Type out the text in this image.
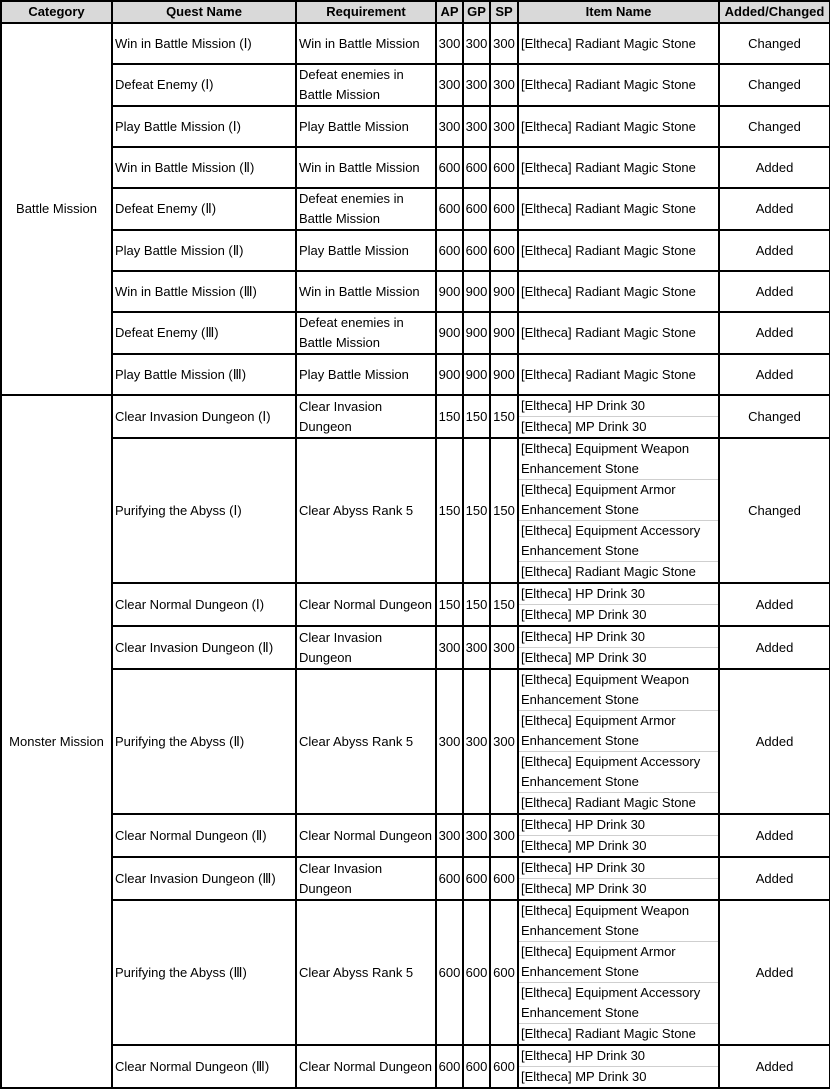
Category	Quest Name	Requirement	AP	GP	SP	Item Name	Added/Changed
Battle Mission	Win in Battle Mission (Ⅰ)	Win in Battle Mission	300	300	300	[Eltheca] Radiant Magic Stone	Changed
	Defeat Enemy (Ⅰ)	Defeat enemies in Battle Mission	300	300	300	[Eltheca] Radiant Magic Stone	Changed
	Play Battle Mission (Ⅰ)	Play Battle Mission	300	300	300	[Eltheca] Radiant Magic Stone	Changed
	Win in Battle Mission (Ⅱ)	Win in Battle Mission	600	600	600	[Eltheca] Radiant Magic Stone	Added
	Defeat Enemy (Ⅱ)	Defeat enemies in Battle Mission	600	600	600	[Eltheca] Radiant Magic Stone	Added
	Play Battle Mission (Ⅱ)	Play Battle Mission	600	600	600	[Eltheca] Radiant Magic Stone	Added
	Win in Battle Mission (Ⅲ)	Win in Battle Mission	900	900	900	[Eltheca] Radiant Magic Stone	Added
	Defeat Enemy (Ⅲ)	Defeat enemies in Battle Mission	900	900	900	[Eltheca] Radiant Magic Stone	Added
	Play Battle Mission (Ⅲ)	Play Battle Mission	900	900	900	[Eltheca] Radiant Magic Stone	Added
Monster Mission	Clear Invasion Dungeon (Ⅰ)	Clear Invasion Dungeon	150	150	150	[Eltheca] HP Drink 30
[Eltheca] MP Drink 30	Changed
	Purifying the Abyss (Ⅰ)	Clear Abyss Rank 5	150	150	150	[Eltheca] Equipment Weapon Enhancement Stone
[Eltheca] Equipment Armor Enhancement Stone
[Eltheca] Equipment Accessory Enhancement Stone
[Eltheca] Radiant Magic Stone	Changed
	Clear Normal Dungeon (Ⅰ)	Clear Normal Dungeon	150	150	150	[Eltheca] HP Drink 30
[Eltheca] MP Drink 30	Added
	Clear Invasion Dungeon (Ⅱ)	Clear Invasion Dungeon	300	300	300	[Eltheca] HP Drink 30
[Eltheca] MP Drink 30	Added
	Purifying the Abyss (Ⅱ)	Clear Abyss Rank 5	300	300	300	[Eltheca] Equipment Weapon Enhancement Stone
[Eltheca] Equipment Armor Enhancement Stone
[Eltheca] Equipment Accessory Enhancement Stone
[Eltheca] Radiant Magic Stone	Added
	Clear Normal Dungeon (Ⅱ)	Clear Normal Dungeon	300	300	300	[Eltheca] HP Drink 30
[Eltheca] MP Drink 30	Added
	Clear Invasion Dungeon (Ⅲ)	Clear Invasion Dungeon	600	600	600	[Eltheca] HP Drink 30
[Eltheca] MP Drink 30	Added
	Purifying the Abyss (Ⅲ)	Clear Abyss Rank 5	600	600	600	[Eltheca] Equipment Weapon Enhancement Stone
[Eltheca] Equipment Armor Enhancement Stone
[Eltheca] Equipment Accessory Enhancement Stone
[Eltheca] Radiant Magic Stone	Added
	Clear Normal Dungeon (Ⅲ)	Clear Normal Dungeon	600	600	600	[Eltheca] HP Drink 30
[Eltheca] MP Drink 30	Added
